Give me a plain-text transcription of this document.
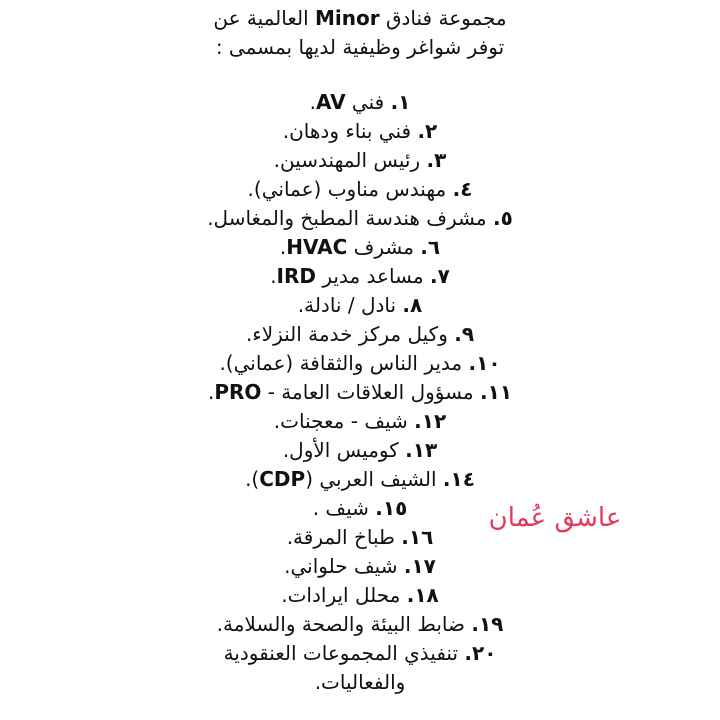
مجموعة فنادق Minor العالمية عن

توفر شواغر وظيفية لديها بمسمى :

١. فني AV.
٢. فني بناء ودهان.
٣. رئيس المهندسين.
٤. مهندس مناوب (عماني).
٥. مشرف هندسة المطبخ والمغاسل.
٦. مشرف HVAC.
٧. مساعد مدير IRD.
٨. نادل / نادلة.
٩. وكيل مركز خدمة النزلاء.
١٠. مدير الناس والثقافة (عماني).
١١. مسؤول العلاقات العامة - PRO.
١٢. شيف - معجنات.
١٣. كوميس الأول.
١٤. الشيف العربي (CDP).
١٥. شيف .
١٦. طباخ المرقة.
١٧. شيف حلواني.
١٨. محلل ايرادات.
١٩. ضابط البيئة والصحة والسلامة.
٢٠. تنفيذي المجموعات العنقودية والفعاليات.
عاشق عُمان
